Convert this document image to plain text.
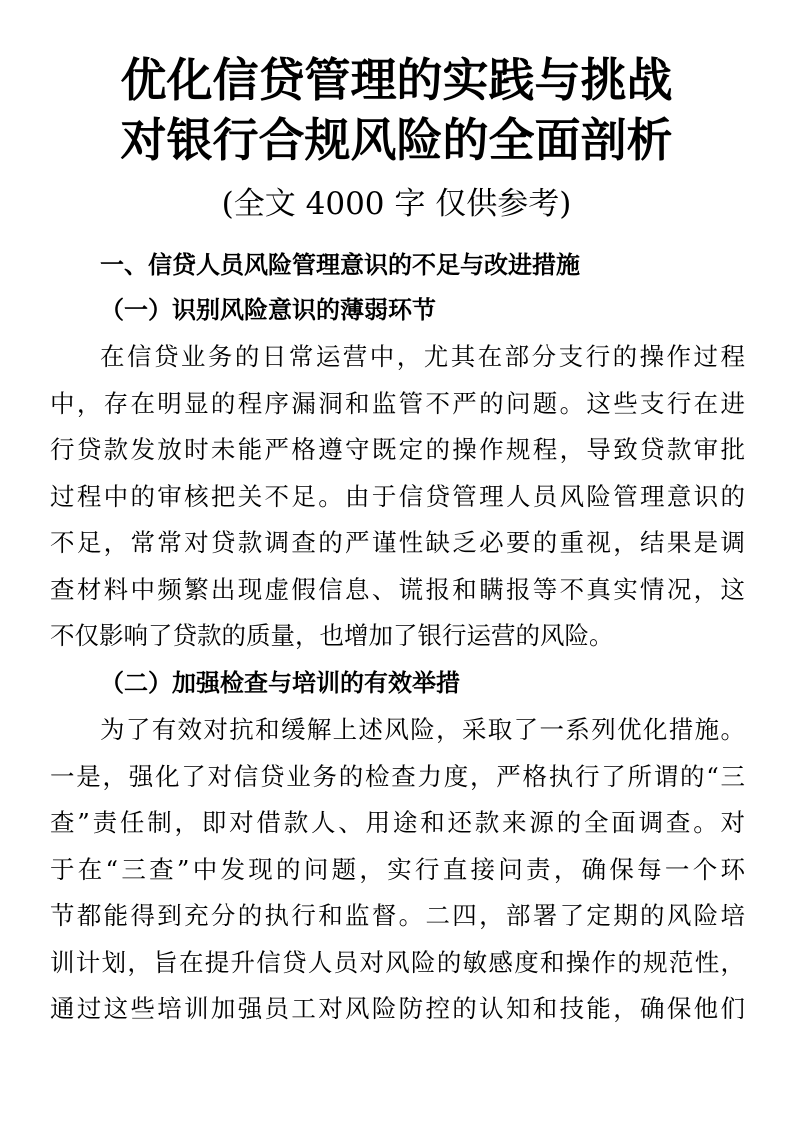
优化信贷管理的实践与挑战
对银行合规风险的全面剖析
(全文 4000 字 仅供参考)
一、信贷人员风险管理意识的不足与改进措施
（一）识别风险意识的薄弱环节
在信贷业务的日常运营中，尤其在部分支行的操作过程
中，存在明显的程序漏洞和监管不严的问题。这些支行在进
行贷款发放时未能严格遵守既定的操作规程，导致贷款审批
过程中的审核把关不足。由于信贷管理人员风险管理意识的
不足，常常对贷款调查的严谨性缺乏必要的重视，结果是调
查材料中频繁出现虚假信息、谎报和瞒报等不真实情况，这
不仅影响了贷款的质量，也增加了银行运营的风险。
（二）加强检查与培训的有效举措
为了有效对抗和缓解上述风险，采取了一系列优化措施。
一是，强化了对信贷业务的检查力度，严格执行了所谓的“三
查”责任制，即对借款人、用途和还款来源的全面调查。对
于在“三查”中发现的问题，实行直接问责，确保每一个环
节都能得到充分的执行和监督。二四，部署了定期的风险培
训计划，旨在提升信贷人员对风险的敏感度和操作的规范性，
通过这些培训加强员工对风险防控的认知和技能，确保他们
